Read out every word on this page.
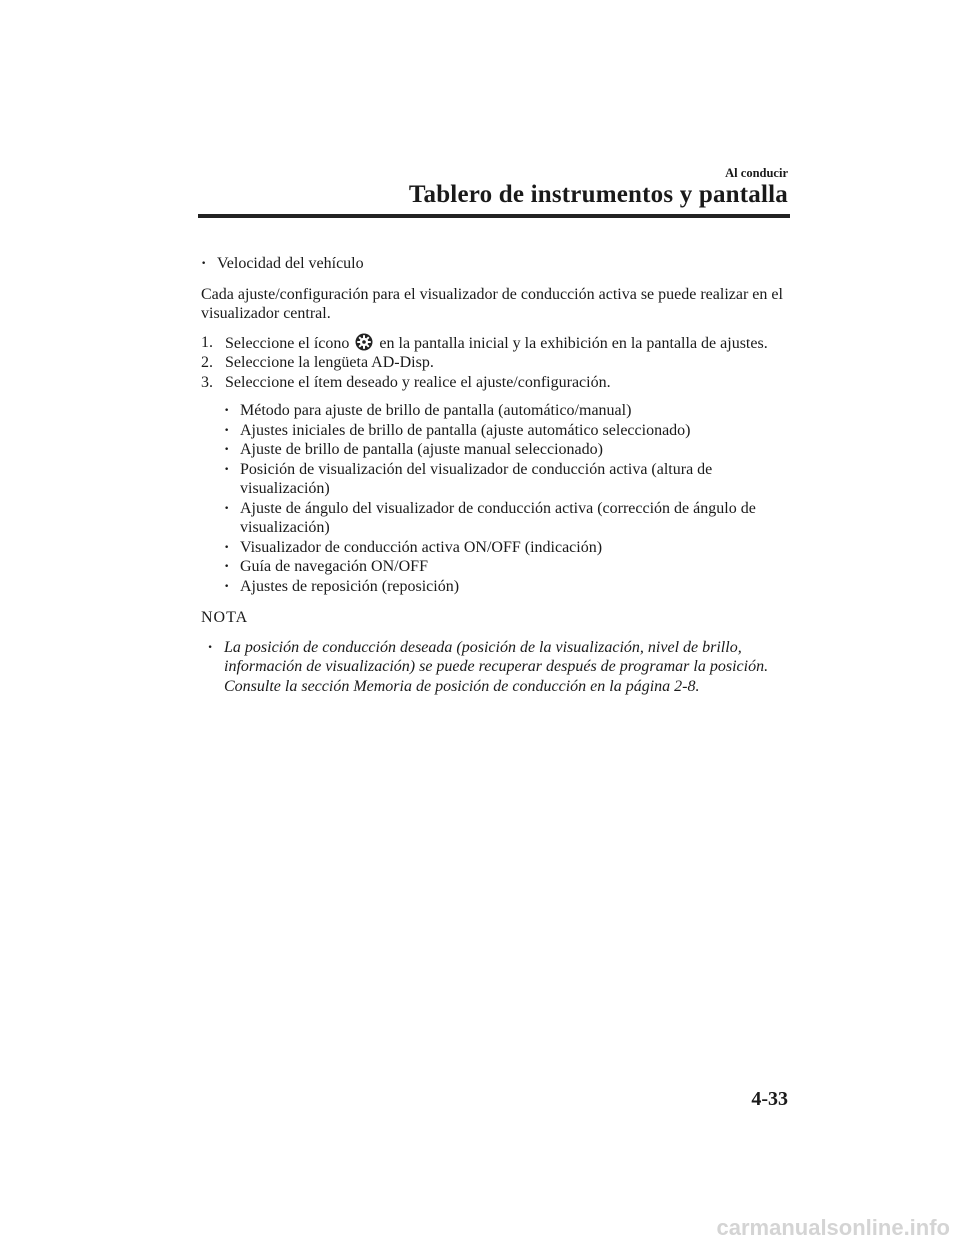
Al conducir
Tablero de instrumentos y pantalla
· Velocidad del vehículo
Cada ajuste/configuración para el visualizador de conducción activa se puede realizar en el visualizador central.
1. Seleccione el ícono en la pantalla inicial y la exhibición en la pantalla de ajustes.
2. Seleccione la lengüeta AD-Disp.
3. Seleccione el ítem deseado y realice el ajuste/configuración.
· Método para ajuste de brillo de pantalla (automático/manual)
· Ajustes iniciales de brillo de pantalla (ajuste automático seleccionado)
· Ajuste de brillo de pantalla (ajuste manual seleccionado)
· Posición de visualización del visualizador de conducción activa (altura de visualización)
· Ajuste de ángulo del visualizador de conducción activa (corrección de ángulo de visualización)
· Visualizador de conducción activa ON/OFF (indicación)
· Guía de navegación ON/OFF
· Ajustes de reposición (reposición)
NOTA
· La posición de conducción deseada (posición de la visualización, nivel de brillo, información de visualización) se puede recuperar después de programar la posición. Consulte la sección Memoria de posición de conducción en la página 2-8.
4-33
carmanualsonline.info
